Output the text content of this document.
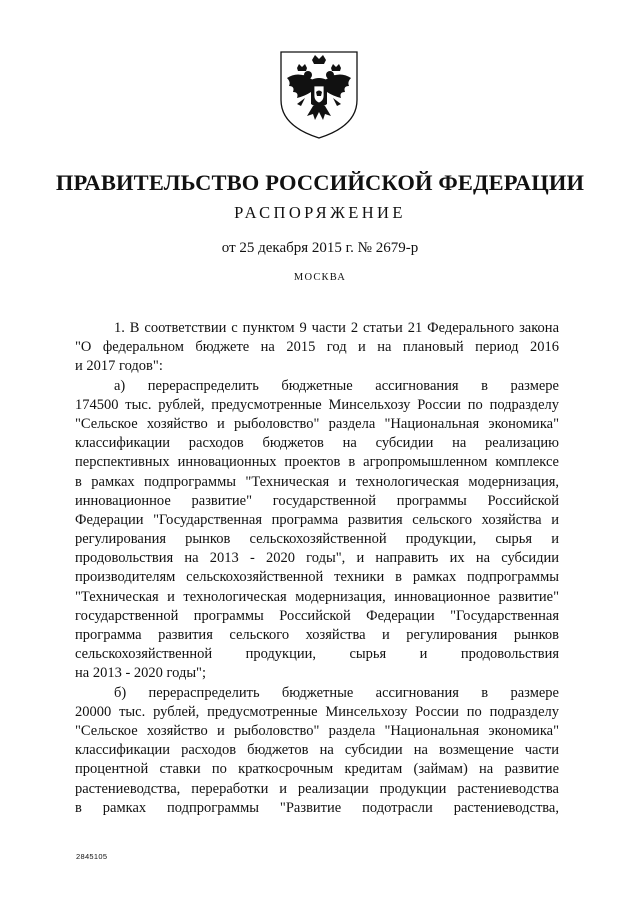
ПРАВИТЕЛЬСТВО РОССИЙСКОЙ ФЕДЕРАЦИИ
РАСПОРЯЖЕНИЕ
от 25 декабря 2015 г. № 2679-р
МОСКВА
1. В соответствии с пунктом 9 части 2 статьи 21 Федерального закона
"О федеральном бюджете на 2015 год и на плановый период 2016
и 2017 годов":
а) перераспределить бюджетные ассигнования в размере
174500 тыс. рублей, предусмотренные Минсельхозу России по подразделу
"Сельское хозяйство и рыболовство" раздела "Национальная экономика"
классификации расходов бюджетов на субсидии на реализацию
перспективных инновационных проектов в агропромышленном комплексе
в рамках подпрограммы "Техническая и технологическая модернизация,
инновационное развитие" государственной программы Российской
Федерации "Государственная программа развития сельского хозяйства и
регулирования рынков сельскохозяйственной продукции, сырья и
продовольствия на 2013 - 2020 годы", и направить их на субсидии
производителям сельскохозяйственной техники в рамках подпрограммы
"Техническая и технологическая модернизация, инновационное развитие"
государственной программы Российской Федерации "Государственная
программа развития сельского хозяйства и регулирования рынков
сельскохозяйственной продукции, сырья и продовольствия
на 2013 - 2020 годы";
б) перераспределить бюджетные ассигнования в размере
20000 тыс. рублей, предусмотренные Минсельхозу России по подразделу
"Сельское хозяйство и рыболовство" раздела "Национальная экономика"
классификации расходов бюджетов на субсидии на возмещение части
процентной ставки по краткосрочным кредитам (займам) на развитие
растениеводства, переработки и реализации продукции растениеводства
в рамках подпрограммы "Развитие подотрасли растениеводства,
2845105
